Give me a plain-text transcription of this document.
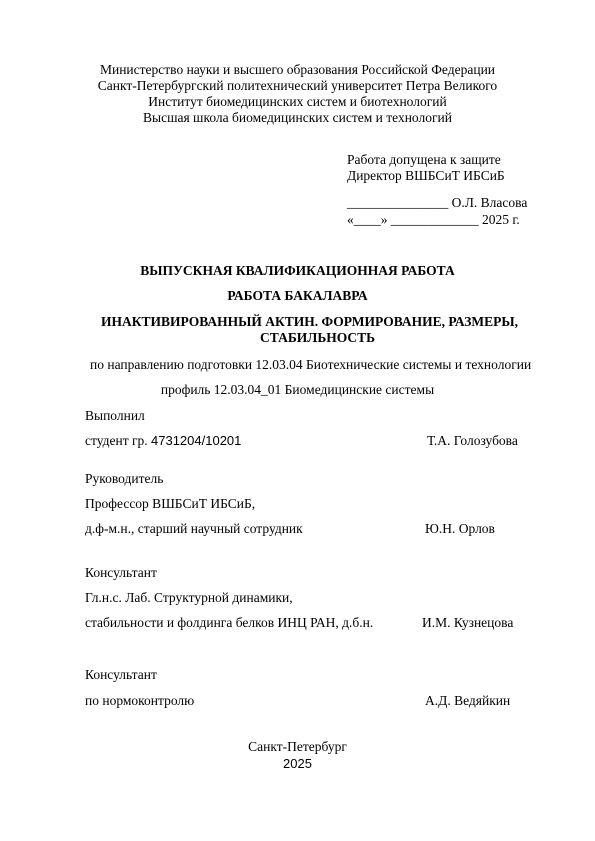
Министерство науки и высшего образования Российской Федерации
Санкт-Петербургский политехнический университет Петра Великого
Институт биомедицинских систем и биотехнологий
Высшая школа биомедицинских систем и технологий
Работа допущена к защите
Директор ВШБСиТ ИБСиБ
_______________ О.Л. Власова
«____» _____________ 2025 г.
ВЫПУСКНАЯ КВАЛИФИКАЦИОННАЯ РАБОТА
РАБОТА БАКАЛАВРА
ИНАКТИВИРОВАННЫЙ АКТИН. ФОРМИРОВАНИЕ, РАЗМЕРЫ,
СТАБИЛЬНОСТЬ
по направлению подготовки 12.03.04 Биотехнические системы и технологии
профиль 12.03.04_01 Биомедицинские системы
Выполнил
студент гр. 4731204/10201	Т.А. Голозубова
Руководитель
Профессор ВШБСиТ ИБСиБ,
д.ф-м.н., старший научный сотрудник	Ю.Н. Орлов
Консультант
Гл.н.с. Лаб. Структурной динамики,
стабильности и фолдинга белков ИНЦ РАН, д.б.н.	И.М. Кузнецова
Консультант
по нормоконтролю	А.Д. Ведяйкин
Санкт-Петербург
2025
